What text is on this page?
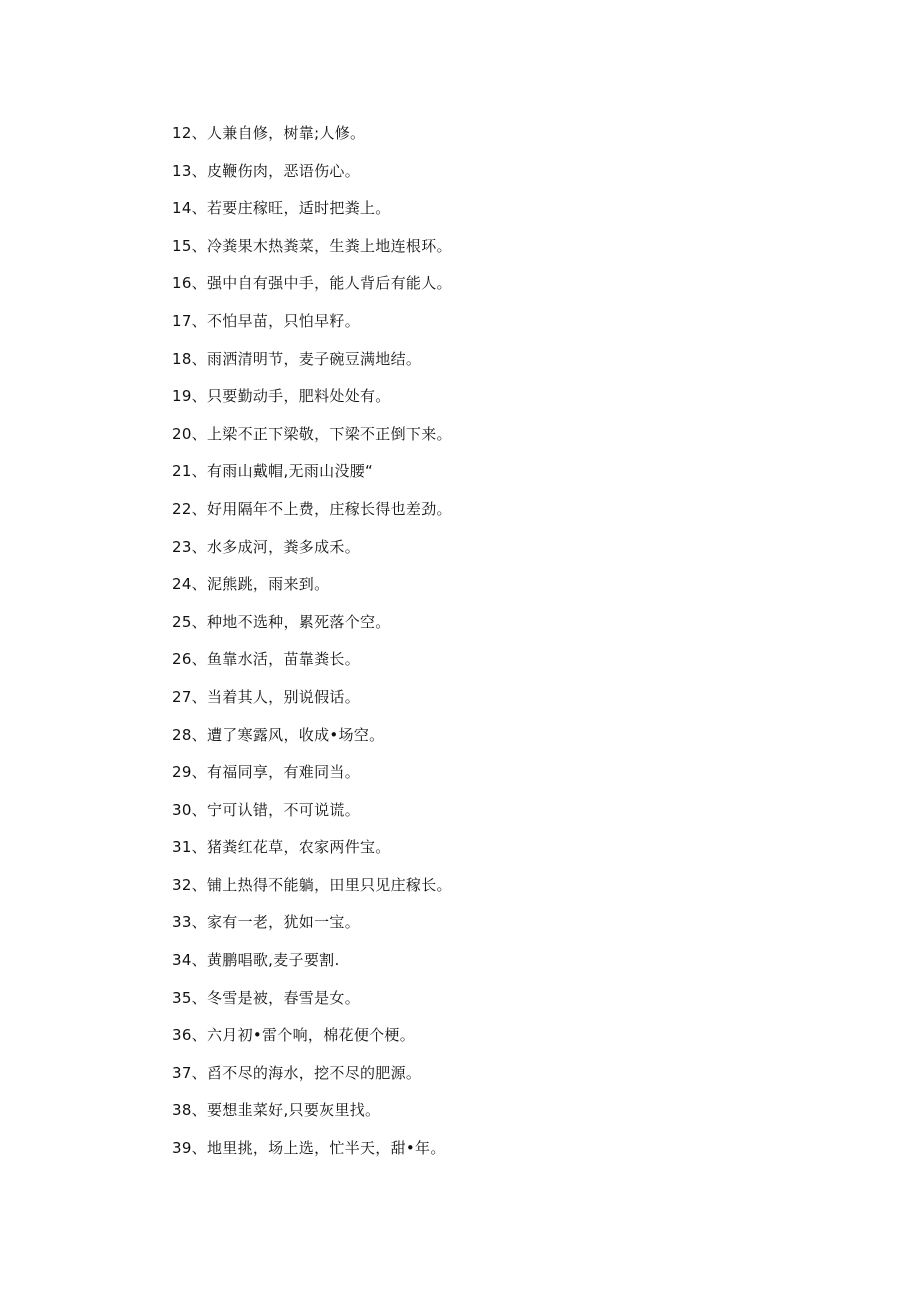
12、人兼自修，树靠;人修。
13、皮鞭伤肉，恶语伤心。
14、若要庄稼旺，适时把粪上。
15、冷粪果木热粪菜，生粪上地连根环。
16、强中自有强中手，能人背后有能人。
17、不怕早苗，只怕早籽。
18、雨洒清明节，麦子碗豆满地结。
19、只要勤动手，肥料处处有。
20、上梁不正下梁敬，下梁不正倒下来。
21、有雨山戴帽,无雨山没腰“
22、好用隔年不上费，庄稼长得也差劲。
23、水多成河，粪多成禾。
24、泥熊跳，雨来到。
25、种地不选种，累死落个空。
26、鱼靠水活，苗靠粪长。
27、当着其人，别说假话。
28、遭了寒露风，收成•场空。
29、有福同享，有难同当。
30、宁可认错，不可说谎。
31、猪粪红花草，农家两件宝。
32、铺上热得不能躺，田里只见庄稼长。
33、家有一老，犹如一宝。
34、黄鹏唱歌,麦子要割.
35、冬雪是被，春雪是女。
36、六月初•雷个响，棉花便个梗。
37、舀不尽的海水，挖不尽的肥源。
38、要想韭菜好,只要灰里找。
39、地里挑，场上选，忙半天，甜•年。
